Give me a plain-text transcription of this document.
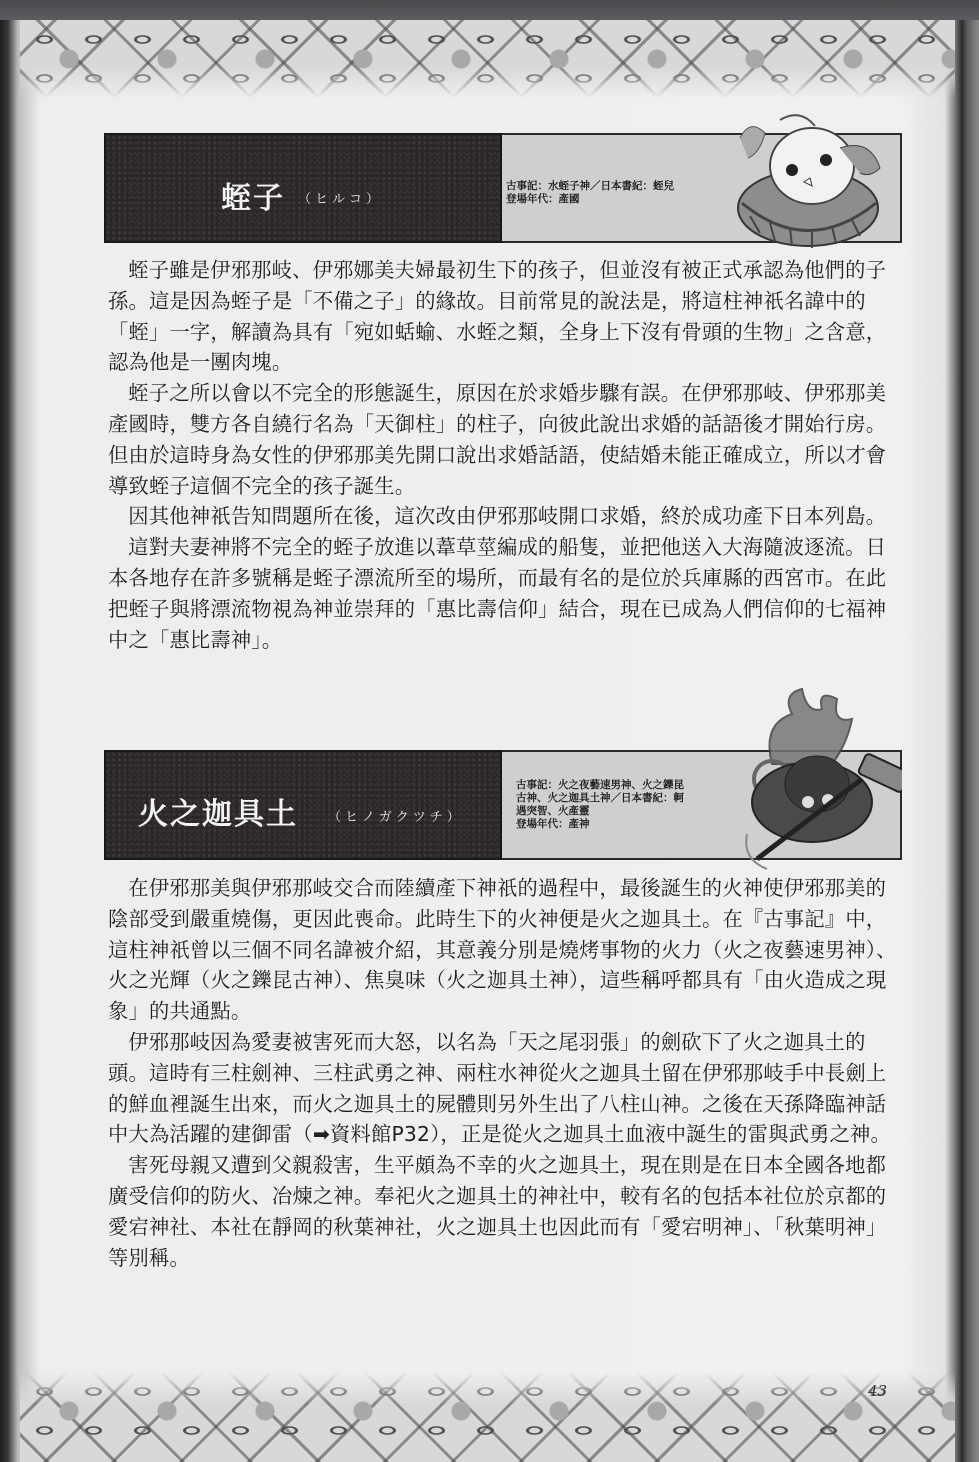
蛭子 （ヒルコ）
古事記：水蛭子神／日本書紀：蛭兒
登場年代：產國

蛭子雖是伊邪那岐、伊邪娜美夫婦最初生下的孩子，但並沒有被正式承認為他們的子孫。這是因為蛭子是「不備之子」的緣故。目前常見的說法是，將這柱神祇名諱中的「蛭」一字，解讀為具有「宛如蛞蝓、水蛭之類，全身上下沒有骨頭的生物」之含意，認為他是一團肉塊。

蛭子之所以會以不完全的形態誕生，原因在於求婚步驟有誤。在伊邪那岐、伊邪那美產國時，雙方各自繞行名為「天御柱」的柱子，向彼此說出求婚的話語後才開始行房。但由於這時身為女性的伊邪那美先開口說出求婚話語，使結婚未能正確成立，所以才會導致蛭子這個不完全的孩子誕生。

因其他神祇告知問題所在後，這次改由伊邪那岐開口求婚，終於成功產下日本列島。

這對夫妻神將不完全的蛭子放進以葦草莖編成的船隻，並把他送入大海隨波逐流。日本各地存在許多號稱是蛭子漂流所至的場所，而最有名的是位於兵庫縣的西宮市。在此把蛭子與將漂流物視為神並崇拜的「惠比壽信仰」結合，現在已成為人們信仰的七福神中之「惠比壽神」。

火之迦具土 （ヒノガクツチ）
古事記：火之夜藝速男神、火之鑠昆
古神、火之迦具土神／日本書紀：軻
遇突智、火產靈
登場年代：產神

在伊邪那美與伊邪那岐交合而陸續產下神祇的過程中，最後誕生的火神使伊邪那美的陰部受到嚴重燒傷，更因此喪命。此時生下的火神便是火之迦具土。在『古事記』中，這柱神祇曾以三個不同名諱被介紹，其意義分別是燒烤事物的火力（火之夜藝速男神）、火之光輝（火之鑠昆古神）、焦臭味（火之迦具土神），這些稱呼都具有「由火造成之現象」的共通點。

伊邪那岐因為愛妻被害死而大怒，以名為「天之尾羽張」的劍砍下了火之迦具土的頭。這時有三柱劍神、三柱武勇之神、兩柱水神從火之迦具土留在伊邪那岐手中長劍上的鮮血裡誕生出來，而火之迦具土的屍體則另外生出了八柱山神。之後在天孫降臨神話中大為活躍的建御雷（➡資料館P32），正是從火之迦具土血液中誕生的雷與武勇之神。

害死母親又遭到父親殺害，生平頗為不幸的火之迦具土，現在則是在日本全國各地都廣受信仰的防火、冶煉之神。奉祀火之迦具土的神社中，較有名的包括本社位於京都的愛宕神社、本社在靜岡的秋葉神社，火之迦具土也因此而有「愛宕明神」、「秋葉明神」等別稱。

43
